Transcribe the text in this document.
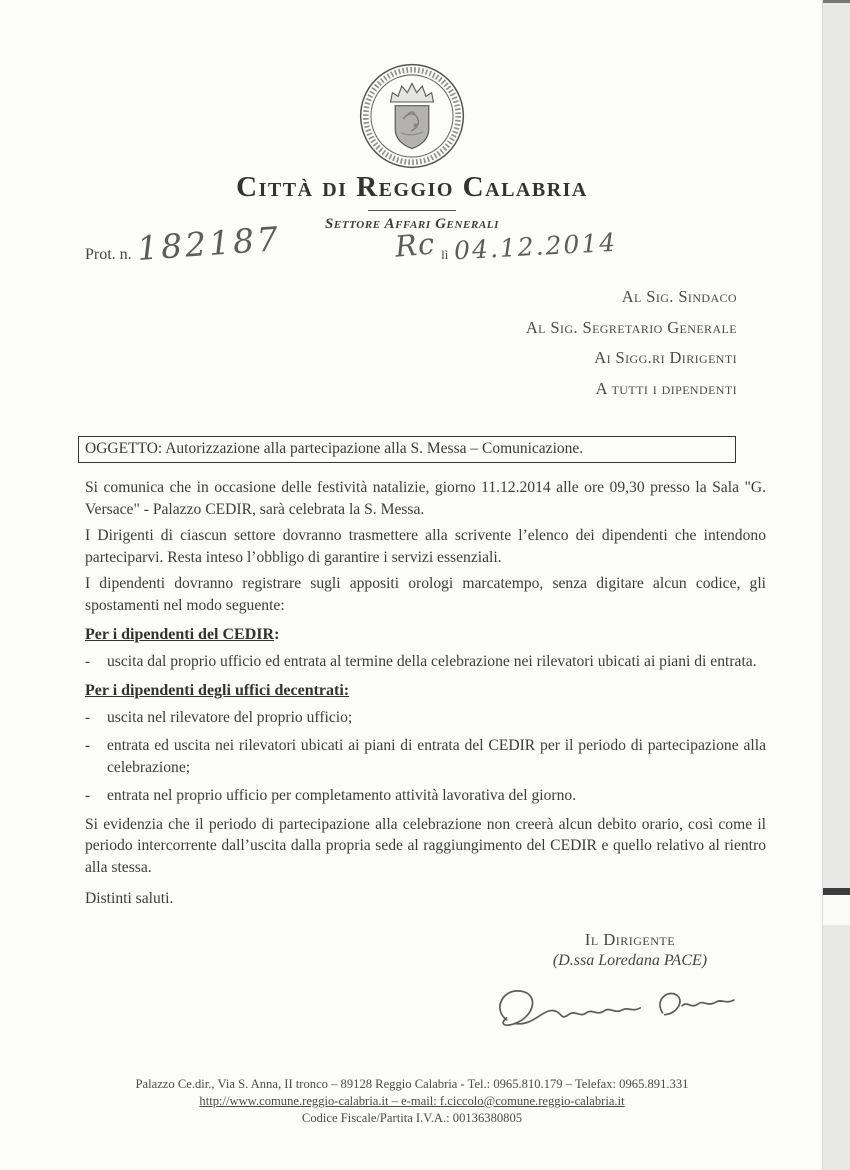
Città di Reggio Calabria
Settore Affari Generali
Prot. n. 182187	Rc $_{lì}$ 04.12.2014
Al Sig. Sindaco
Al Sig. Segretario Generale
Ai Sigg.ri Dirigenti
A tutti i dipendenti
OGGETTO: Autorizzazione alla partecipazione alla S. Messa – Comunicazione.

Si comunica che in occasione delle festività natalizie, giorno 11.12.2014 alle ore 09,30 presso la Sala "G. Versace" - Palazzo CEDIR, sarà celebrata la S. Messa.

I Dirigenti di ciascun settore dovranno trasmettere alla scrivente l’elenco dei dipendenti che intendono parteciparvi. Resta inteso l’obbligo di garantire i servizi essenziali.

I dipendenti dovranno registrare sugli appositi orologi marcatempo, senza digitare alcun codice, gli spostamenti nel modo seguente:

Per i dipendenti del CEDIR:
-	uscita dal proprio ufficio ed entrata al termine della celebrazione nei rilevatori ubicati ai piani di entrata.
Per i dipendenti degli uffici decentrati:
-	uscita nel rilevatore del proprio ufficio;
-	entrata ed uscita nei rilevatori ubicati ai piani di entrata del CEDIR per il periodo di partecipazione alla celebrazione;
-	entrata nel proprio ufficio per completamento attività lavorativa del giorno.

Si evidenzia che il periodo di partecipazione alla celebrazione non creerà alcun debito orario, così come il periodo intercorrente dall’uscita dalla propria sede al raggiungimento del CEDIR e quello relativo al rientro alla stessa.

Distinti saluti.

Il Dirigente
(D.ssa Loredana PACE)
Palazzo Ce.dir., Via S. Anna, II tronco – 89128 Reggio Calabria - Tel.: 0965.810.179 – Telefax: 0965.891.331
http://www.comune.reggio-calabria.it – e-mail: f.ciccolo@comune.reggio-calabria.it
Codice Fiscale/Partita I.V.A.: 00136380805
